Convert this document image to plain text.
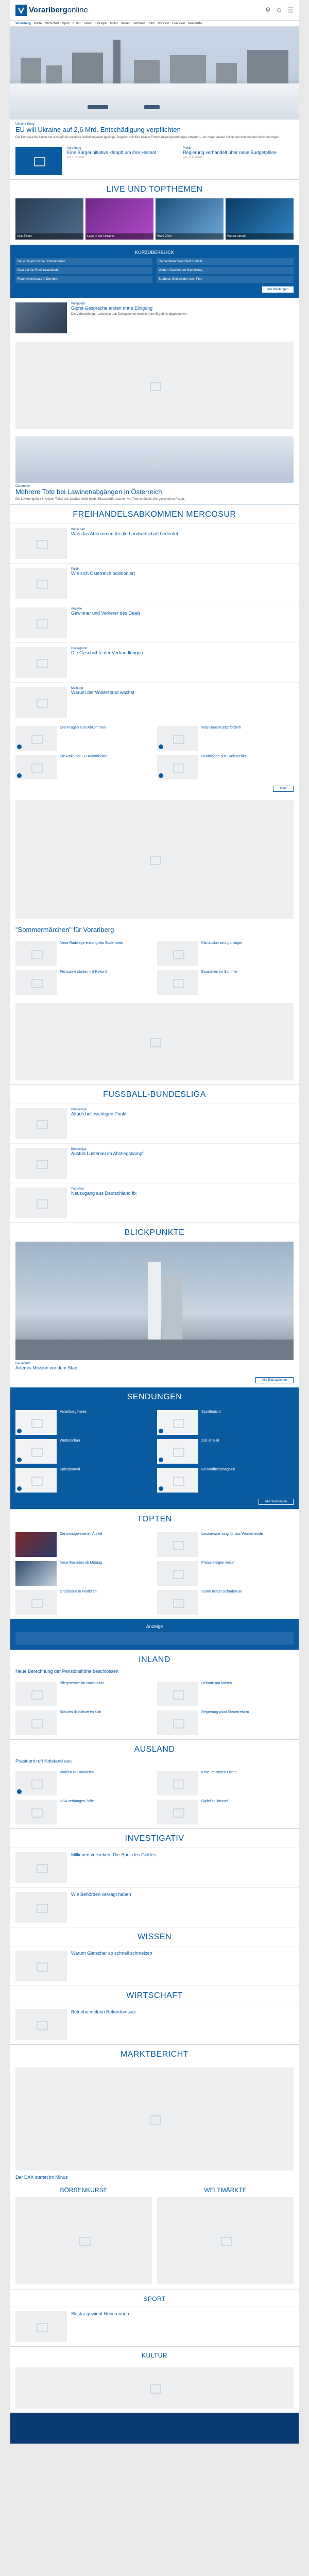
Vorarlbergonline	⚲ ☺ ☰
Vorarlberg Politik Wirtschaft Sport Kultur Leben Lifestyle Motor Reisen Wohnen Jobs Podcast Liveticker Newsletter
Ukraine-Krieg
EU will Ukraine auf 2,6 Mrd. Entschädigung verpflichten
Die Europäische Union hat sich auf ein weiteres Sanktionspaket geeinigt. Zugleich soll die Ukraine Entschädigungszahlungen erhalten – ein neuer Anlauf soll in den kommenden Wochen folgen.
Vorarlberg
Eine Bürgerinitiative kämpft um ihre Heimat
vor 1 Stunde
Politik
Regierung verhandelt über neue Budgetpläne
vor 2 Stunden
LIVE UND TOPTHEMEN
Live-Ticker	Lage in der Ukraine	Wahl 2024	Wetter aktuell
KURZÜBERBLICK
Neue Regeln für die Sommerferien
Stau auf der Rheintalautobahn
Feuerwehreinsatz in Dornbirn
Gemeinderat beschließt Budget
Wetter: Gewitter am Nachmittag
Stadtbus fährt wieder nach Plan
Alle Meldungen
Weltpolitik
Gipfel-Gespräche enden ohne Einigung
Die Verhandlungen zwischen den Delegationen wurden ohne Ergebnis abgebrochen.
Österreich
Mehrere Tote bei Lawinenabgängen in Österreich
Die Lawinengefahr in weiten Teilen des Landes bleibt hoch. Einsatzkräfte warnen vor Touren abseits der gesicherten Pisten.
FREIHANDELSABKOMMEN MERCOSUR
Wirtschaft
Was das Abkommen für die Landwirtschaft bedeutet
Politik
Wie sich Österreich positioniert
Analyse
Gewinner und Verlierer des Deals
Hintergrund
Die Geschichte der Verhandlungen
Meinung
Warum der Widerstand wächst
Drei Fragen zum Abkommen	Was Bauern jetzt fordern
Die Rolle der EU-Kommission	Reaktionen aus Südamerika
Mehr
"Sommermärchen" für Vorarlberg
Neue Radwege entlang des Bodensees	Klimaticket wird günstiger
Festspiele starten mit Rekord	Baustellen im Sommer
FUSSBALL-BUNDESLIGA
Bundesliga
Altach holt wichtigen Punkt
Bundesliga
Austria Lustenau im Abstiegskampf
Transfers
Neuzugang aus Deutschland fix
BLICKPUNKTE
Raumfahrt
Artemis-Mission vor dem Start
Alle Bildergalerien
SENDUNGEN
Vorarlberg heute	Sportbericht
Wetterschau	Zeit im Bild
Kulturjournal	Gesundheitsmagazin
Alle Sendungen
TOPTEN
Die meistgelesenen Artikel	Lawinenwarnung für das Wochenende
Neue Buslinien ab Montag	Preise steigen weiter
Großbrand in Feldkirch	Sturm richtet Schäden an
Anzeige
INLAND
Neue Berechnung der Pensionshöhe beschlossen
Pflegereform im Nationalrat	Debatte um Mieten
Schulen digitalisieren sich	Regierung plant Steuerreform
AUSLAND
Präsident ruft Notstand aus
Wahlen in Frankreich	Krise im Nahen Osten
USA verhängen Zölle	Gipfel in Brüssel
INVESTIGATIV
Millionen versickert: Die Spur des Geldes
Wie Behörden versagt haben
WISSEN
Warum Gletscher so schnell schmelzen
WIRTSCHAFT
Betriebe melden Rekordumsatz
MARKTBERICHT
Der DAX startet im Minus
BÖRSENKURSE	WELTMÄRKTE
SPORT
Skistar gewinnt Heimrennen
KULTUR
